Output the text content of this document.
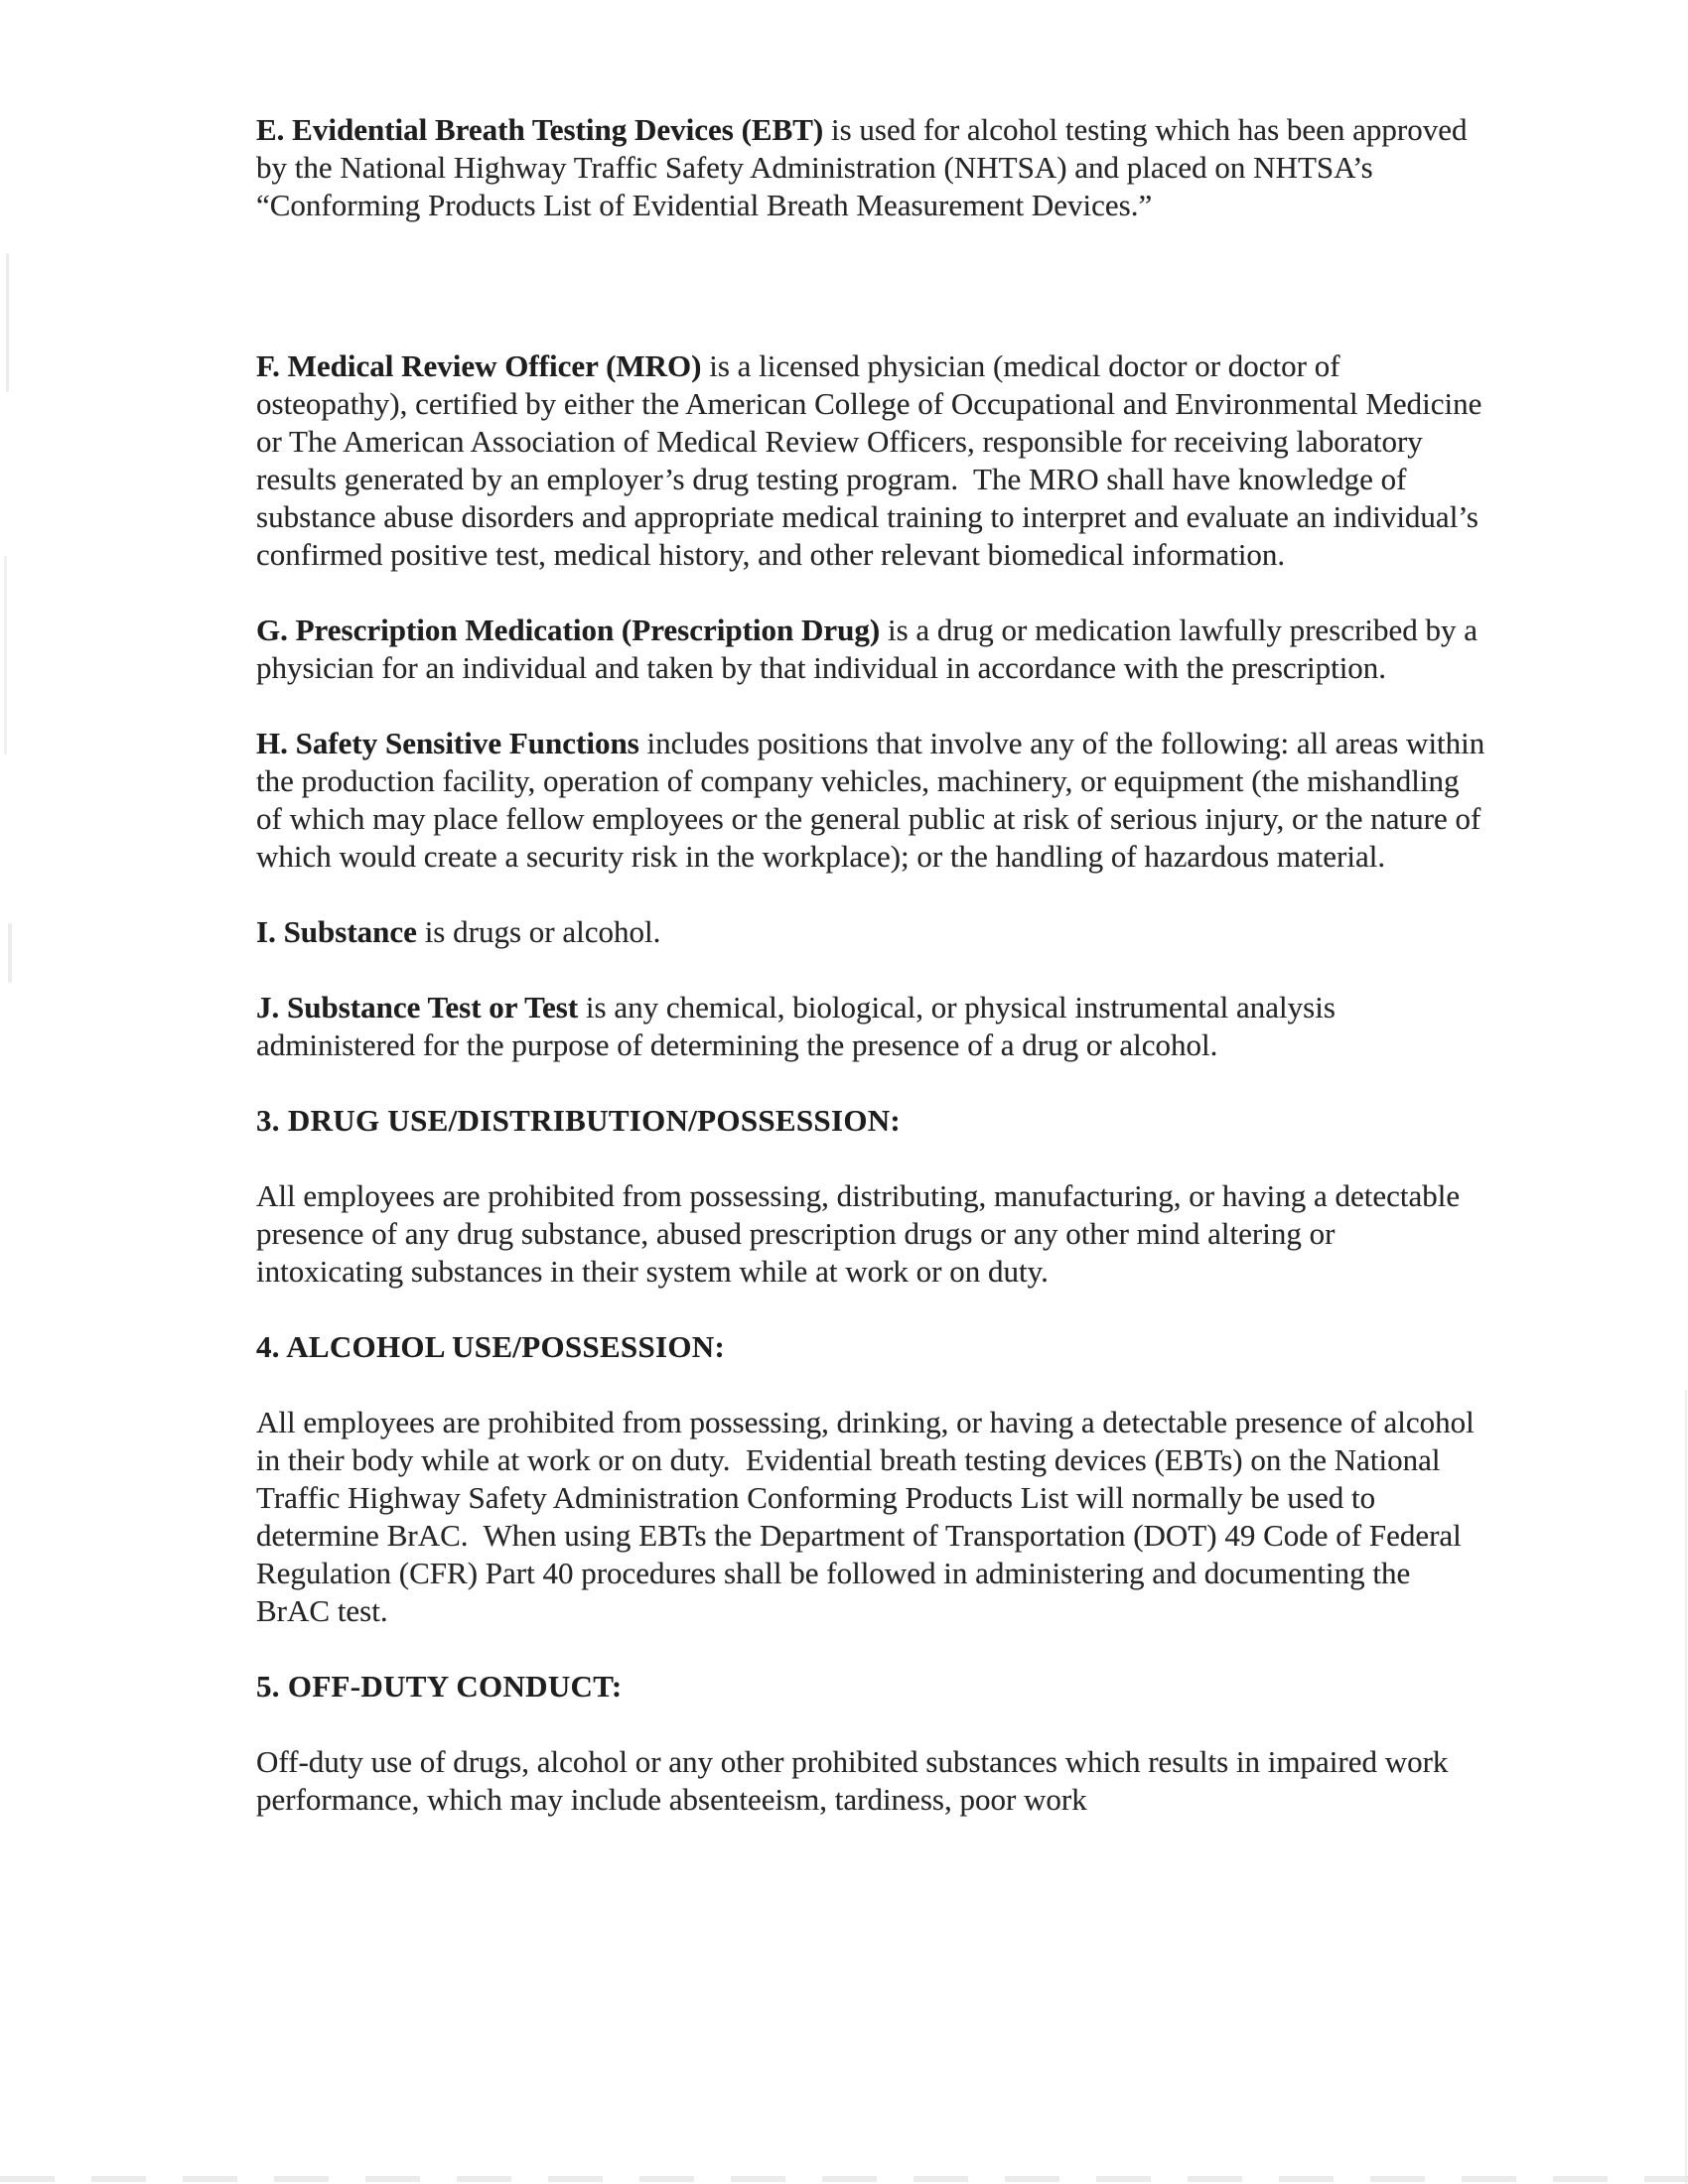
E. Evidential Breath Testing Devices (EBT) is used for alcohol testing which has been approved by the National Highway Traffic Safety Administration (NHTSA) and placed on NHTSA’s “Conforming Products List of Evidential Breath Measurement Devices.”

F. Medical Review Officer (MRO) is a licensed physician (medical doctor or doctor of osteopathy), certified by either the American College of Occupational and Environmental Medicine or The American Association of Medical Review Officers, responsible for receiving laboratory results generated by an employer’s drug testing program.  The MRO shall have knowledge of substance abuse disorders and appropriate medical training to interpret and evaluate an individual’s confirmed positive test, medical history, and other relevant biomedical information.

G. Prescription Medication (Prescription Drug) is a drug or medication lawfully prescribed by a physician for an individual and taken by that individual in accordance with the prescription.

H. Safety Sensitive Functions includes positions that involve any of the following: all areas within the production facility, operation of company vehicles, machinery, or equipment (the mishandling of which may place fellow employees or the general public at risk of serious injury, or the nature of which would create a security risk in the workplace); or the handling of hazardous material.

I. Substance is drugs or alcohol.

J. Substance Test or Test is any chemical, biological, or physical instrumental analysis administered for the purpose of determining the presence of a drug or alcohol.

3. DRUG USE/DISTRIBUTION/POSSESSION:

All employees are prohibited from possessing, distributing, manufacturing, or having a detectable presence of any drug substance, abused prescription drugs or any other mind altering or intoxicating substances in their system while at work or on duty.

4. ALCOHOL USE/POSSESSION:

All employees are prohibited from possessing, drinking, or having a detectable presence of alcohol in their body while at work or on duty.  Evidential breath testing devices (EBTs) on the National Traffic Highway Safety Administration Conforming Products List will normally be used to determine BrAC.  When using EBTs the Department of Transportation (DOT) 49 Code of Federal Regulation (CFR) Part 40 procedures shall be followed in administering and documenting the BrAC test.

5. OFF-DUTY CONDUCT:

Off-duty use of drugs, alcohol or any other prohibited substances which results in impaired work performance, which may include absenteeism, tardiness, poor work
